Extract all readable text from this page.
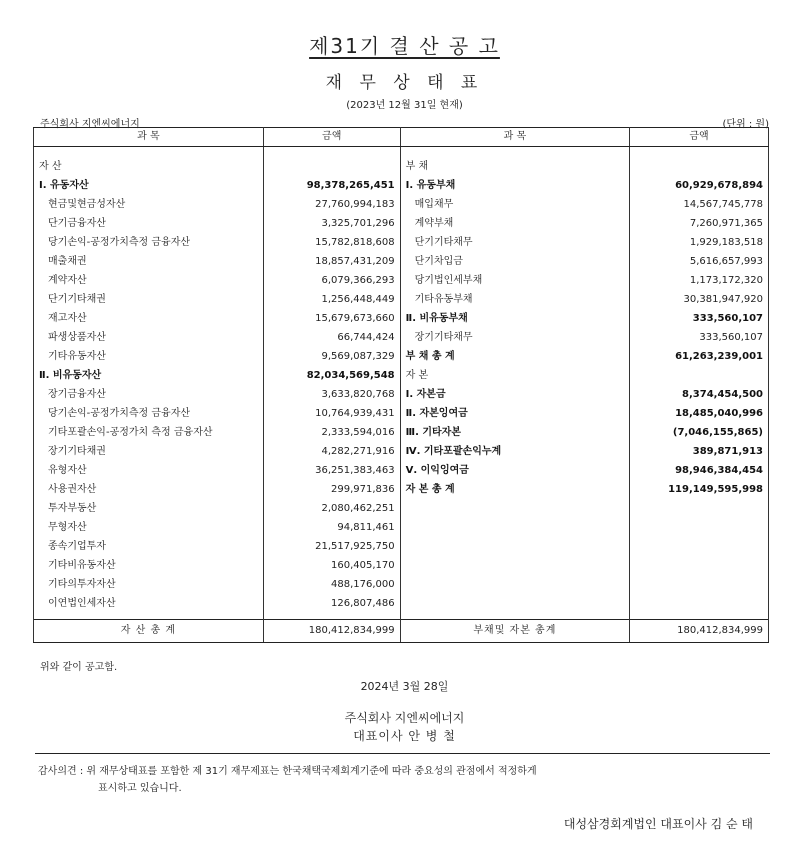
제31기 결 산 공 고
재 무 상 태 표
(2023년 12월 31일 현재)
주식회사 지엔씨에너지	(단위 : 원)
과 목	금액	과 목	금액
자 산		부 채	
Ⅰ. 유동자산	98,378,265,451	Ⅰ. 유동부채	60,929,678,894
현금및현금성자산	27,760,994,183	매입채무	14,567,745,778
단기금융자산	3,325,701,296	계약부채	7,260,971,365
당기손익-공정가치측정 금융자산	15,782,818,608	단기기타채무	1,929,183,518
매출채권	18,857,431,209	단기차입금	5,616,657,993
계약자산	6,079,366,293	당기법인세부채	1,173,172,320
단기기타채권	1,256,448,449	기타유동부채	30,381,947,920
재고자산	15,679,673,660	Ⅱ. 비유동부채	333,560,107
파생상품자산	66,744,424	장기기타채무	333,560,107
기타유동자산	9,569,087,329	부 채 총 계	61,263,239,001
Ⅱ. 비유동자산	82,034,569,548	자 본	
장기금융자산	3,633,820,768	Ⅰ. 자본금	8,374,454,500
당기손익-공정가치측정 금융자산	10,764,939,431	Ⅱ. 자본잉여금	18,485,040,996
기타포괄손익-공정가치 측정 금융자산	2,333,594,016	Ⅲ. 기타자본	(7,046,155,865)
장기기타채권	4,282,271,916	Ⅳ. 기타포괄손익누계	389,871,913
유형자산	36,251,383,463	Ⅴ. 이익잉여금	98,946,384,454
사용권자산	299,971,836	자 본 총 계	119,149,595,998
투자부동산	2,080,462,251		
무형자산	94,811,461		
종속기업투자	21,517,925,750		
기타비유동자산	160,405,170		
기타의투자자산	488,176,000		
이연법인세자산	126,807,486		
자 산 총 계	180,412,834,999	부채및 자본 총계	180,412,834,999
위와 같이 공고함.
2024년 3월 28일
주식회사 지엔씨에너지
대표이사 안 병 철
감사의견 : 위 재무상태표를 포함한 제 31기 재무제표는 한국채택국제회계기준에 따라 중요성의 관점에서 적정하게
표시하고 있습니다.
대성삼경회계법인 대표이사 김 순 태
